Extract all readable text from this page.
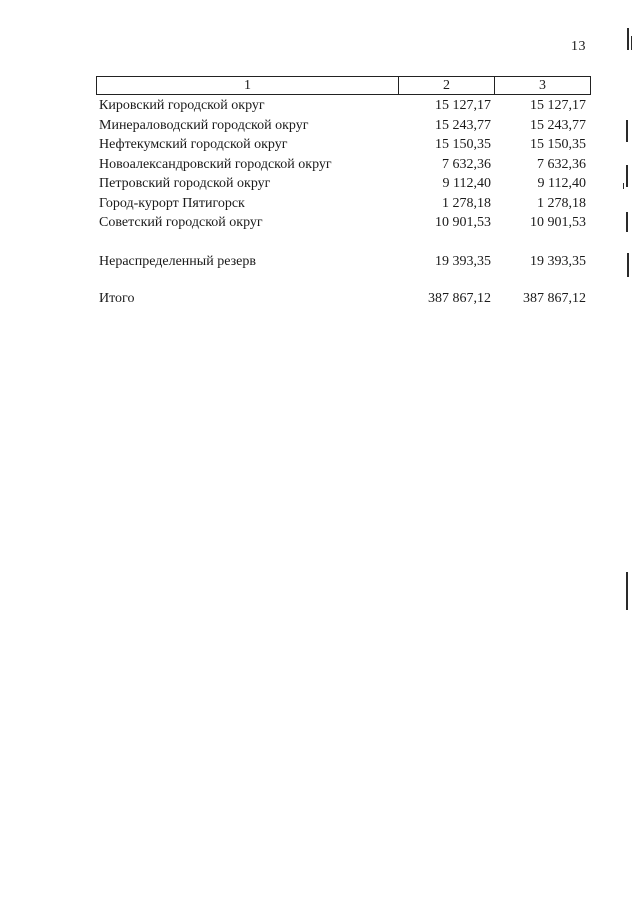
13
1	2	3
Кировский городской округ	15 127,17	15 127,17
Минераловодский городской округ	15 243,77	15 243,77
Нефтекумский городской округ	15 150,35	15 150,35
Новоалександровский городской округ	7 632,36	7 632,36
Петровский городской округ	9 112,40	9 112,40
Город-курорт Пятигорск	1 278,18	1 278,18
Советский городской округ	10 901,53	10 901,53
Нераспределенный резерв	19 393,35	19 393,35
Итого	387 867,12	387 867,12
